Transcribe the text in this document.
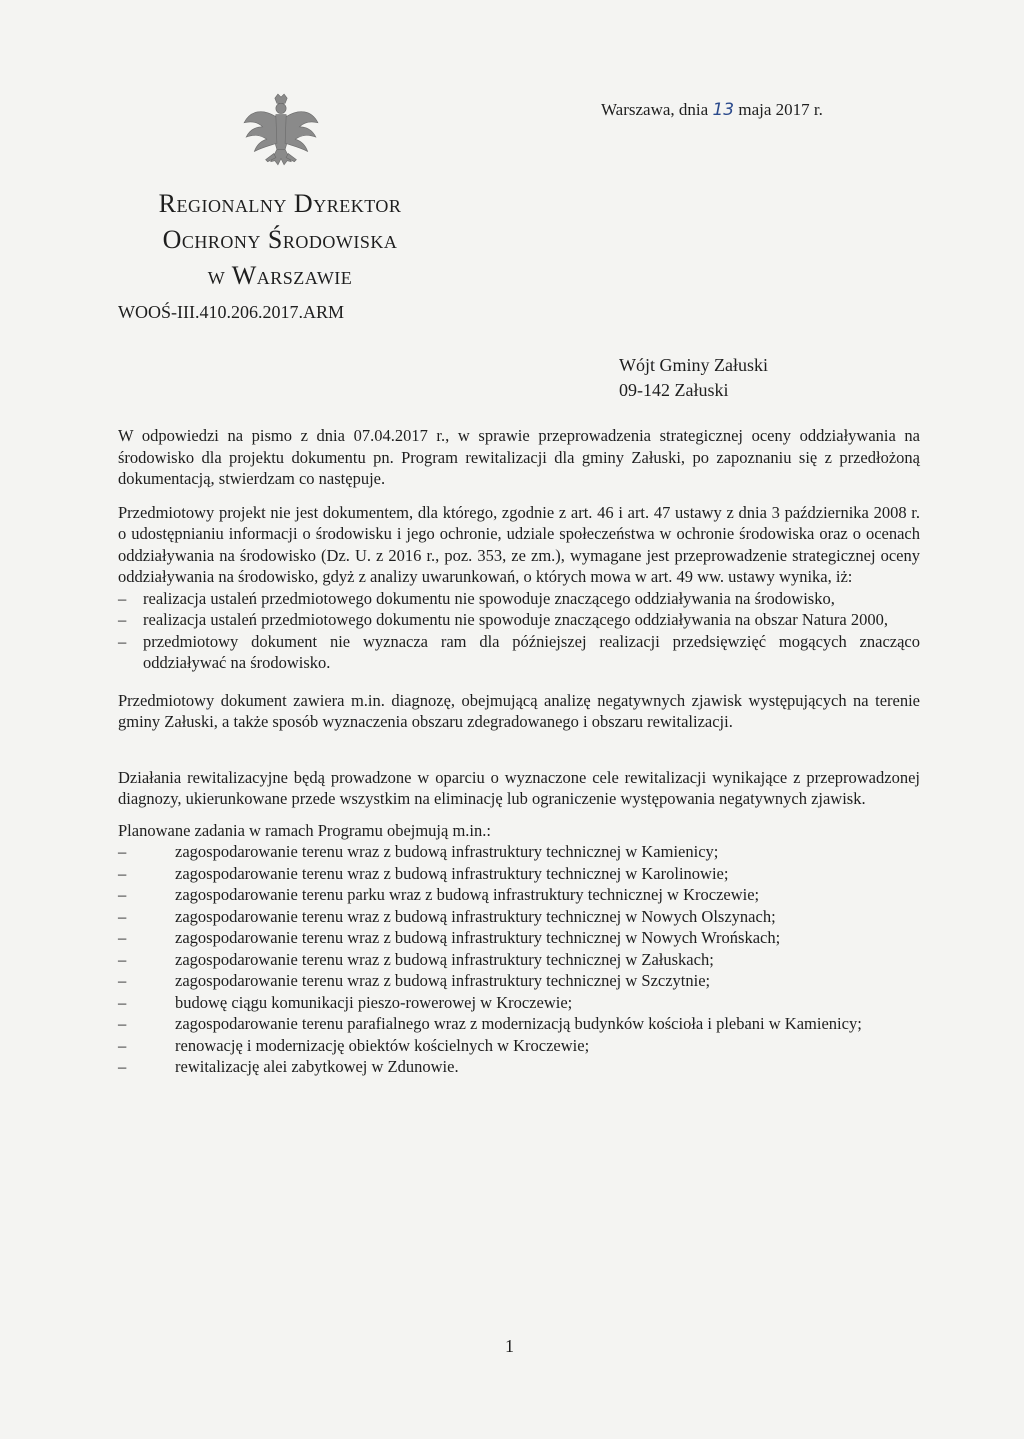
Warszawa, dnia 13 maja 2017 r.
Regionalny Dyrektor
Ochrony Środowiska
w Warszawie
WOOŚ-III.410.206.2017.ARM
Wójt Gminy Załuski
09-142 Załuski

W odpowiedzi na pismo z dnia 07.04.2017 r., w sprawie przeprowadzenia strategicznej oceny oddziaływania na środowisko dla projektu dokumentu pn. Program rewitalizacji dla gminy Załuski, po zapoznaniu się z przedłożoną dokumentacją, stwierdzam co następuje.

Przedmiotowy projekt nie jest dokumentem, dla którego, zgodnie z art. 46 i art. 47 ustawy z dnia 3 października 2008 r. o udostępnianiu informacji o środowisku i jego ochronie, udziale społeczeństwa w ochronie środowiska oraz o ocenach oddziaływania na środowisko (Dz. U. z 2016 r., poz. 353, ze zm.), wymagane jest przeprowadzenie strategicznej oceny oddziaływania na środowisko, gdyż z analizy uwarunkowań, o których mowa w art. 49 ww. ustawy wynika, iż:

– realizacja ustaleń przedmiotowego dokumentu nie spowoduje znaczącego oddziaływania na środowisko,
– realizacja ustaleń przedmiotowego dokumentu nie spowoduje znaczącego oddziaływania na obszar Natura 2000,
– przedmiotowy dokument nie wyznacza ram dla późniejszej realizacji przedsięwzięć mogących znacząco oddziaływać na środowisko.

Przedmiotowy dokument zawiera m.in. diagnozę, obejmującą analizę negatywnych zjawisk występujących na terenie gminy Załuski, a także sposób wyznaczenia obszaru zdegradowanego i obszaru rewitalizacji.

Działania rewitalizacyjne będą prowadzone w oparciu o wyznaczone cele rewitalizacji wynikające z przeprowadzonej diagnozy, ukierunkowane przede wszystkim na eliminację lub ograniczenie występowania negatywnych zjawisk.

Planowane zadania w ramach Programu obejmują m.in.:

– zagospodarowanie terenu wraz z budową infrastruktury technicznej w Kamienicy;
– zagospodarowanie terenu wraz z budową infrastruktury technicznej w Karolinowie;
– zagospodarowanie terenu parku wraz z budową infrastruktury technicznej w Kroczewie;
– zagospodarowanie terenu wraz z budową infrastruktury technicznej w Nowych Olszynach;
– zagospodarowanie terenu wraz z budową infrastruktury technicznej w Nowych Wrońskach;
– zagospodarowanie terenu wraz z budową infrastruktury technicznej w Załuskach;
– zagospodarowanie terenu wraz z budową infrastruktury technicznej w Szczytnie;
– budowę ciągu komunikacji pieszo-rowerowej w Kroczewie;
– zagospodarowanie terenu parafialnego wraz z modernizacją budynków kościoła i plebani w Kamienicy;
– renowację i modernizację obiektów kościelnych w Kroczewie;
– rewitalizację alei zabytkowej w Zdunowie.
1
